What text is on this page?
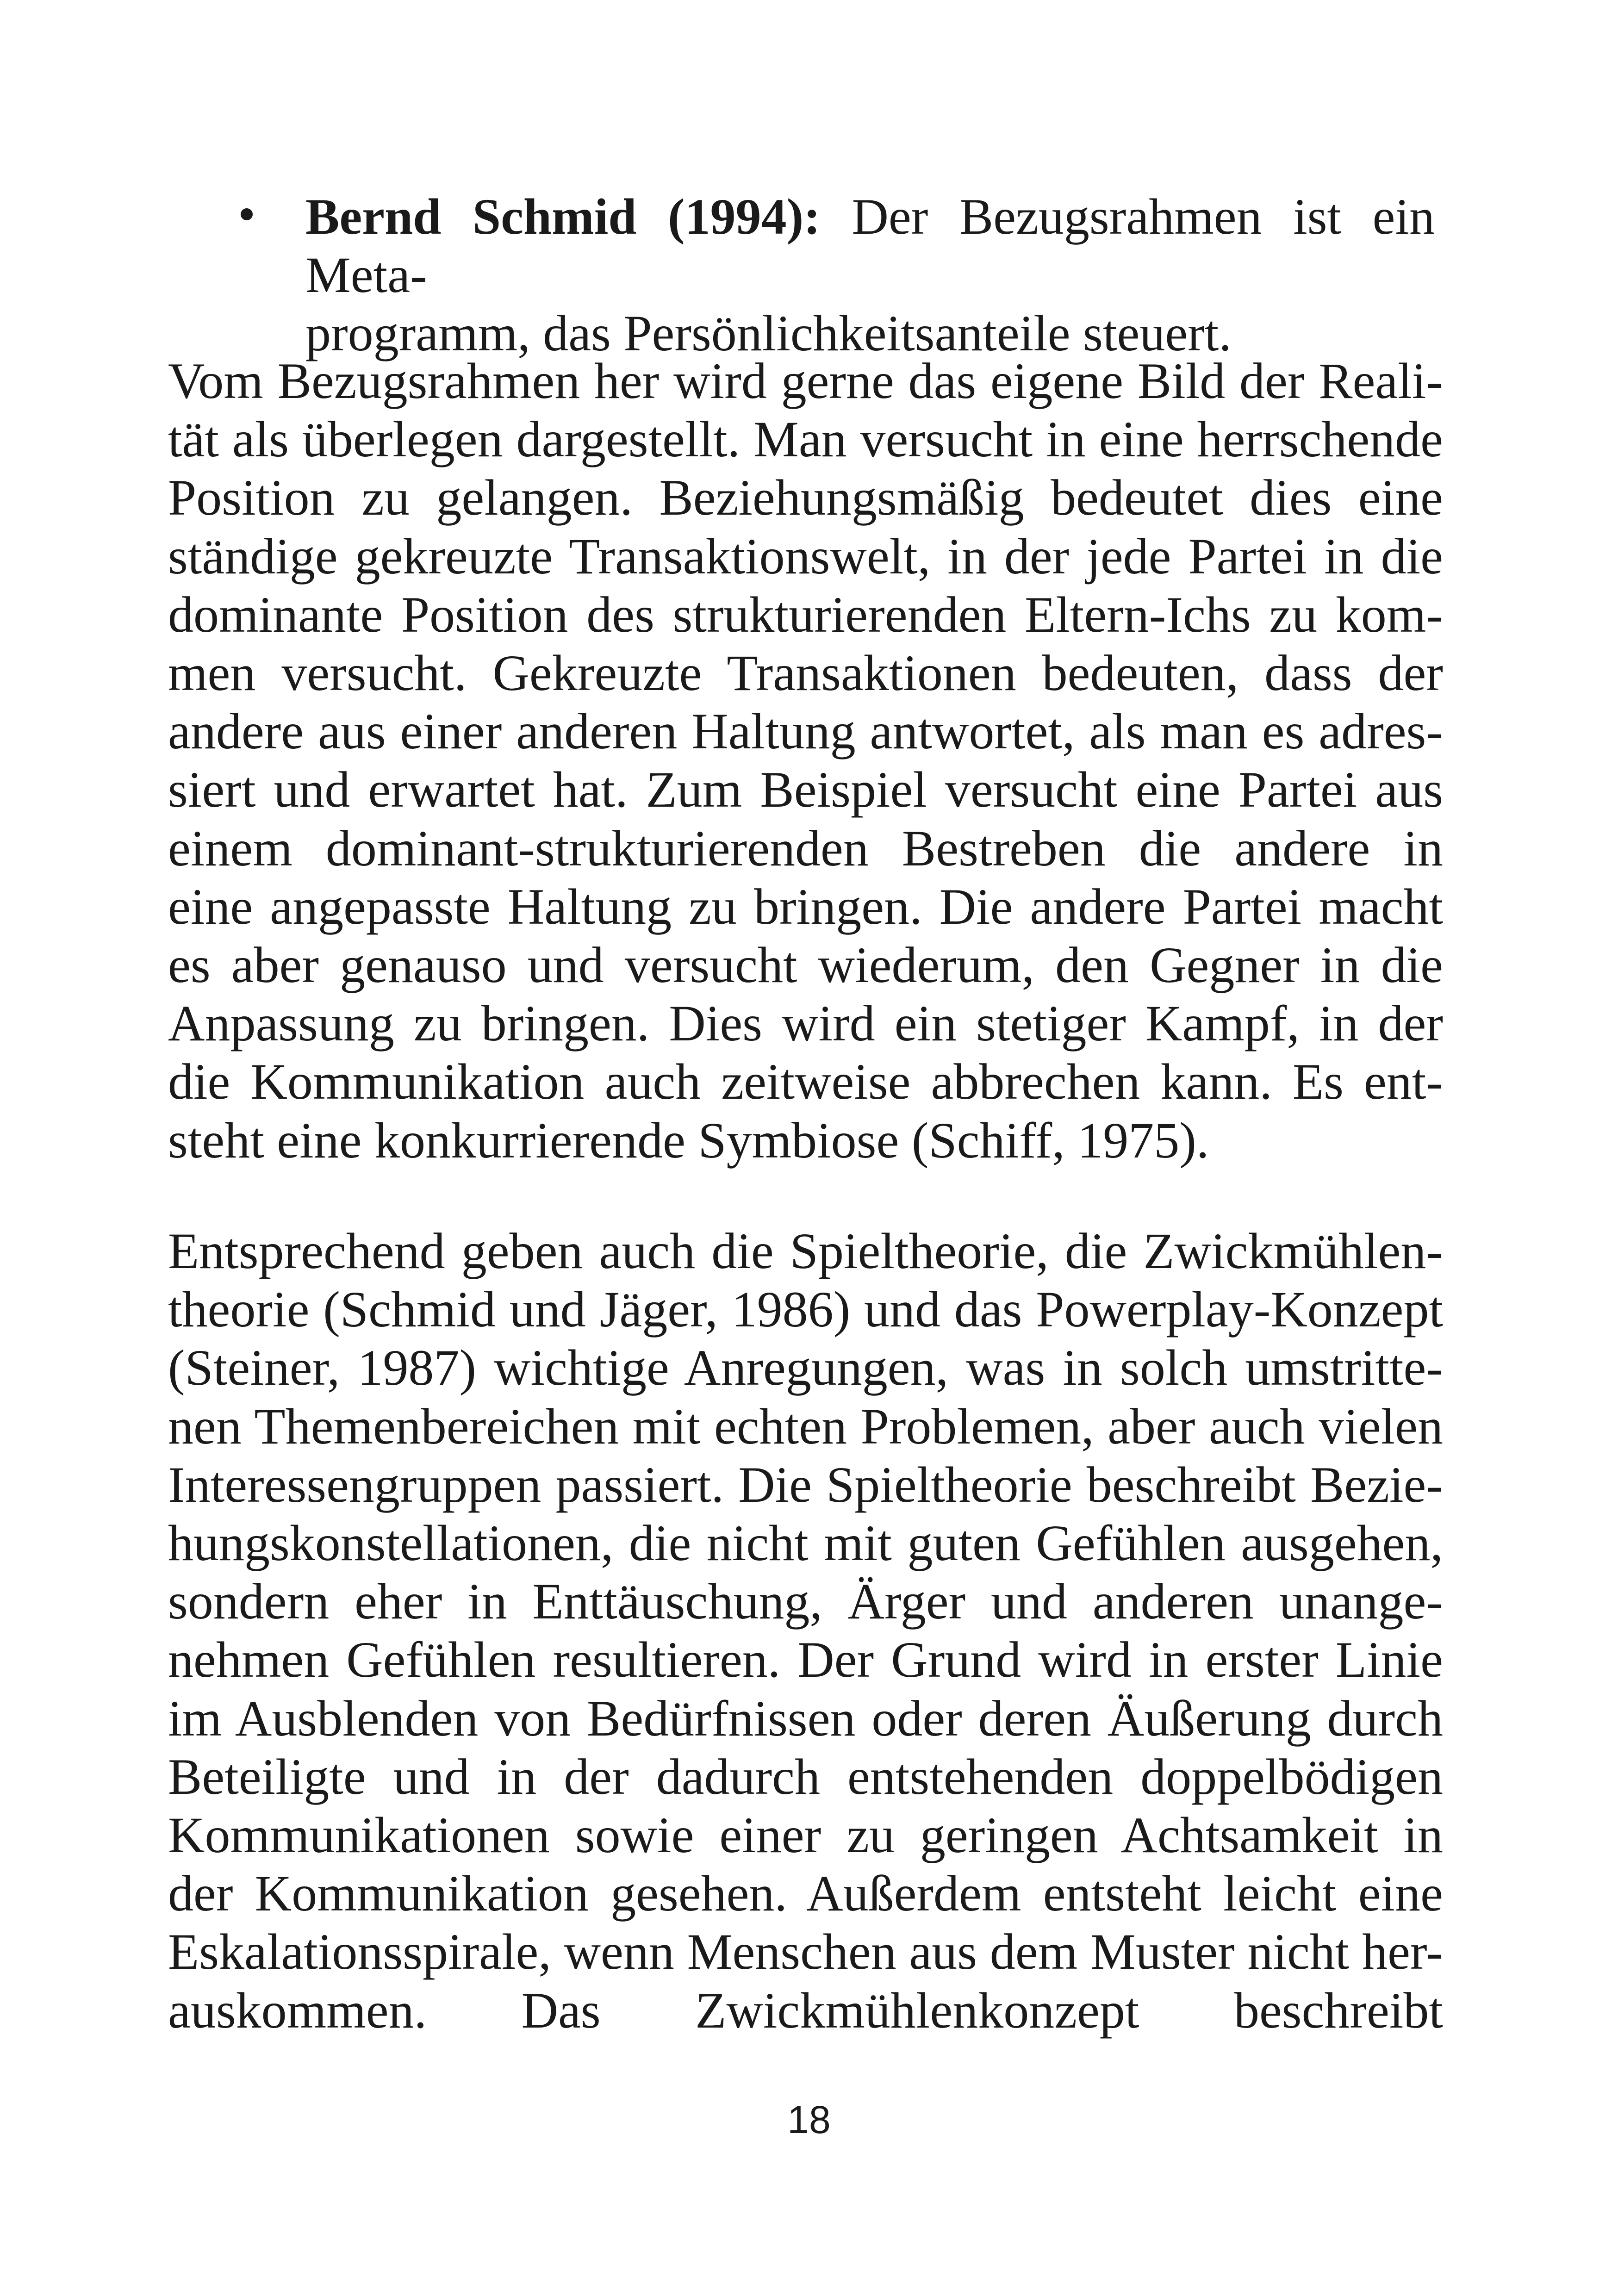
Bernd Schmid (1994): Der Bezugsrahmen ist ein Meta-
programm, das Persönlichkeitsanteile steuert.
Vom Bezugsrahmen her wird gerne das eigene Bild der Reali-
tät als überlegen dargestellt. Man versucht in eine herrschende
Position zu gelangen. Beziehungsmäßig bedeutet dies eine
ständige gekreuzte Transaktionswelt, in der jede Partei in die
dominante Position des strukturierenden Eltern-Ichs zu kom-
men versucht. Gekreuzte Transaktionen bedeuten, dass der
andere aus einer anderen Haltung antwortet, als man es adres-
siert und erwartet hat. Zum Beispiel versucht eine Partei aus
einem dominant-strukturierenden Bestreben die andere in
eine angepasste Haltung zu bringen. Die andere Partei macht
es aber genauso und versucht wiederum, den Gegner in die
Anpassung zu bringen. Dies wird ein stetiger Kampf, in der
die Kommunikation auch zeitweise abbrechen kann. Es ent-
steht eine konkurrierende Symbiose (Schiff, 1975).
Entsprechend geben auch die Spieltheorie, die Zwickmühlen-
theorie (Schmid und Jäger, 1986) und das Powerplay-Konzept
(Steiner, 1987) wichtige Anregungen, was in solch umstritte-
nen Themenbereichen mit echten Problemen, aber auch vielen
Interessengruppen passiert. Die Spieltheorie beschreibt Bezie-
hungskonstellationen, die nicht mit guten Gefühlen ausgehen,
sondern eher in Enttäuschung, Ärger und anderen unange-
nehmen Gefühlen resultieren. Der Grund wird in erster Linie
im Ausblenden von Bedürfnissen oder deren Äußerung durch
Beteiligte und in der dadurch entstehenden doppelbödigen
Kommunikationen sowie einer zu geringen Achtsamkeit in
der Kommunikation gesehen. Außerdem entsteht leicht eine
Eskalationsspirale, wenn Menschen aus dem Muster nicht her-
auskommen. Das Zwickmühlenkonzept beschreibt
18
